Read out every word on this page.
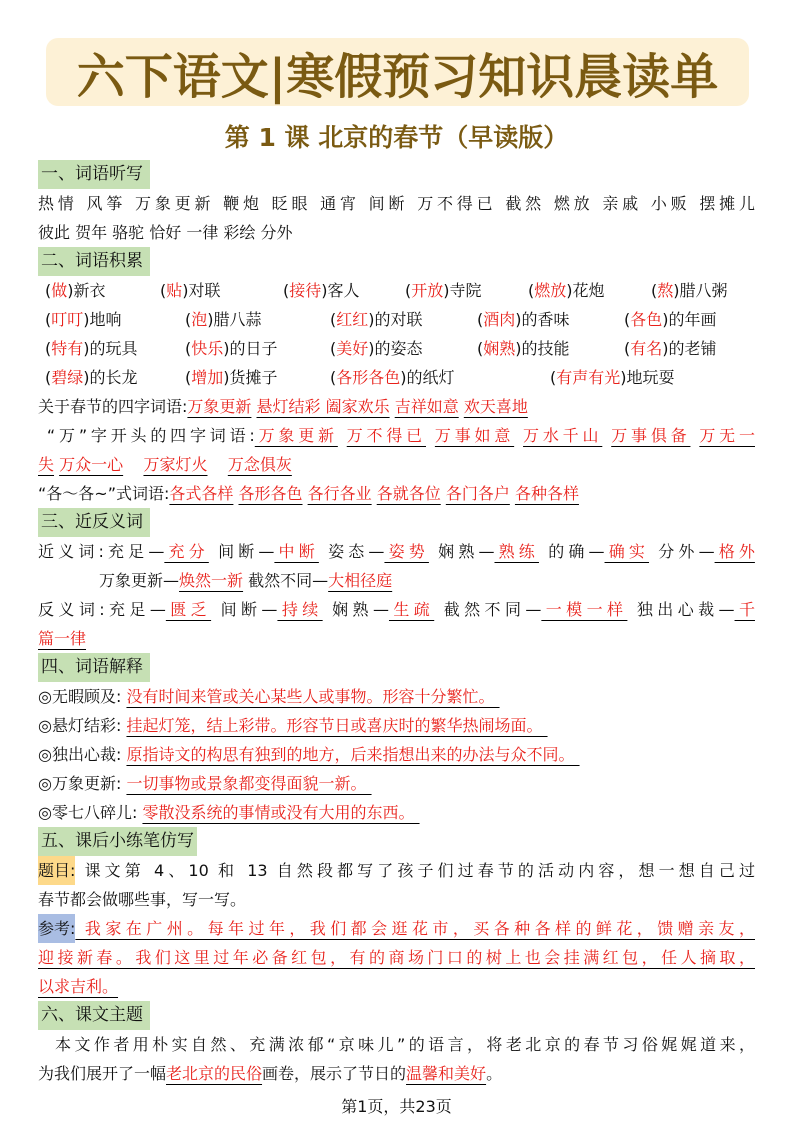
六下语文|寒假预习知识晨读单
第 1 课 北京的春节（早读版）
一、词语听写
热情 风筝 万象更新 鞭炮 眨眼 通宵 间断 万不得已 截然 燃放 亲戚 小贩 摆摊儿
彼此 贺年 骆驼 恰好 一律 彩绘 分外
二、词语积累
(做)新衣	(贴)对联	(接待)客人	(开放)寺院	(燃放)花炮	(熬)腊八粥
(叮叮)地响	(泡)腊八蒜	(红红)的对联	(酒肉)的香味	(各色)的年画
(特有)的玩具	(快乐)的日子	(美好)的姿态	(娴熟)的技能	(有名)的老铺
(碧绿)的长龙	(增加)货摊子	(各形各色)的纸灯	(有声有光)地玩耍
关于春节的四字词语:万象更新 悬灯结彩 阖家欢乐 吉祥如意 欢天喜地
“万”字开头的四字词语:万象更新 万不得已 万事如意 万水千山 万事俱备 万无一
失 万众一心 万家灯火 万念俱灰
“各～各~”式词语:各式各样 各形各色 各行各业 各就各位 各门各户 各种各样
三、近反义词
近义词:充足—充分 间断—中断 姿态—姿势 娴熟—熟练 的确—确实 分外—格外
万象更新—焕然一新 截然不同—大相径庭
反义词:充足—匮乏 间断—持续 娴熟—生疏 截然不同—一模一样 独出心裁—千
篇一律
四、词语解释
◎无暇顾及: 没有时间来管或关心某些人或事物。形容十分繁忙。
◎悬灯结彩: 挂起灯笼，结上彩带。形容节日或喜庆时的繁华热闹场面。
◎独出心裁: 原指诗文的构思有独到的地方，后来指想出来的办法与众不同。
◎万象更新: 一切事物或景象都变得面貌一新。
◎零七八碎儿: 零散没系统的事情或没有大用的东西。
五、课后小练笔仿写
题目: 课文第 4、10 和 13 自然段都写了孩子们过春节的活动内容，想一想自己过
春节都会做哪些事，写一写。
参考: 我家在广州。每年过年，我们都会逛花市，买各种各样的鲜花，馈赠亲友，
迎接新春。我们这里过年必备红包，有的商场门口的树上也会挂满红包，任人摘取，
以求吉利。
六、课文主题
本文作者用朴实自然、充满浓郁“京味儿”的语言，将老北京的春节习俗娓娓道来，
为我们展开了一幅老北京的民俗画卷，展示了节日的温馨和美好。
第1页，共23页
